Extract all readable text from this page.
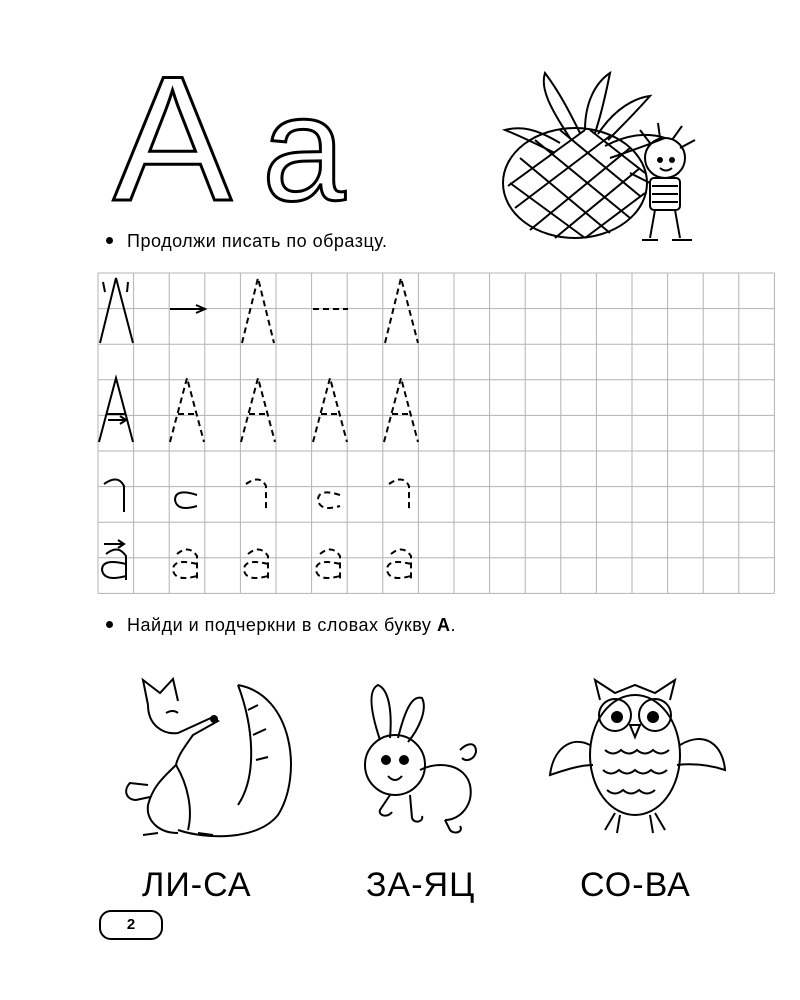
A a
Продолжи писать по образцу.
Найди и подчеркни в словах букву А.
ЛИ-СА	ЗА-ЯЦ	СО-ВА
2
